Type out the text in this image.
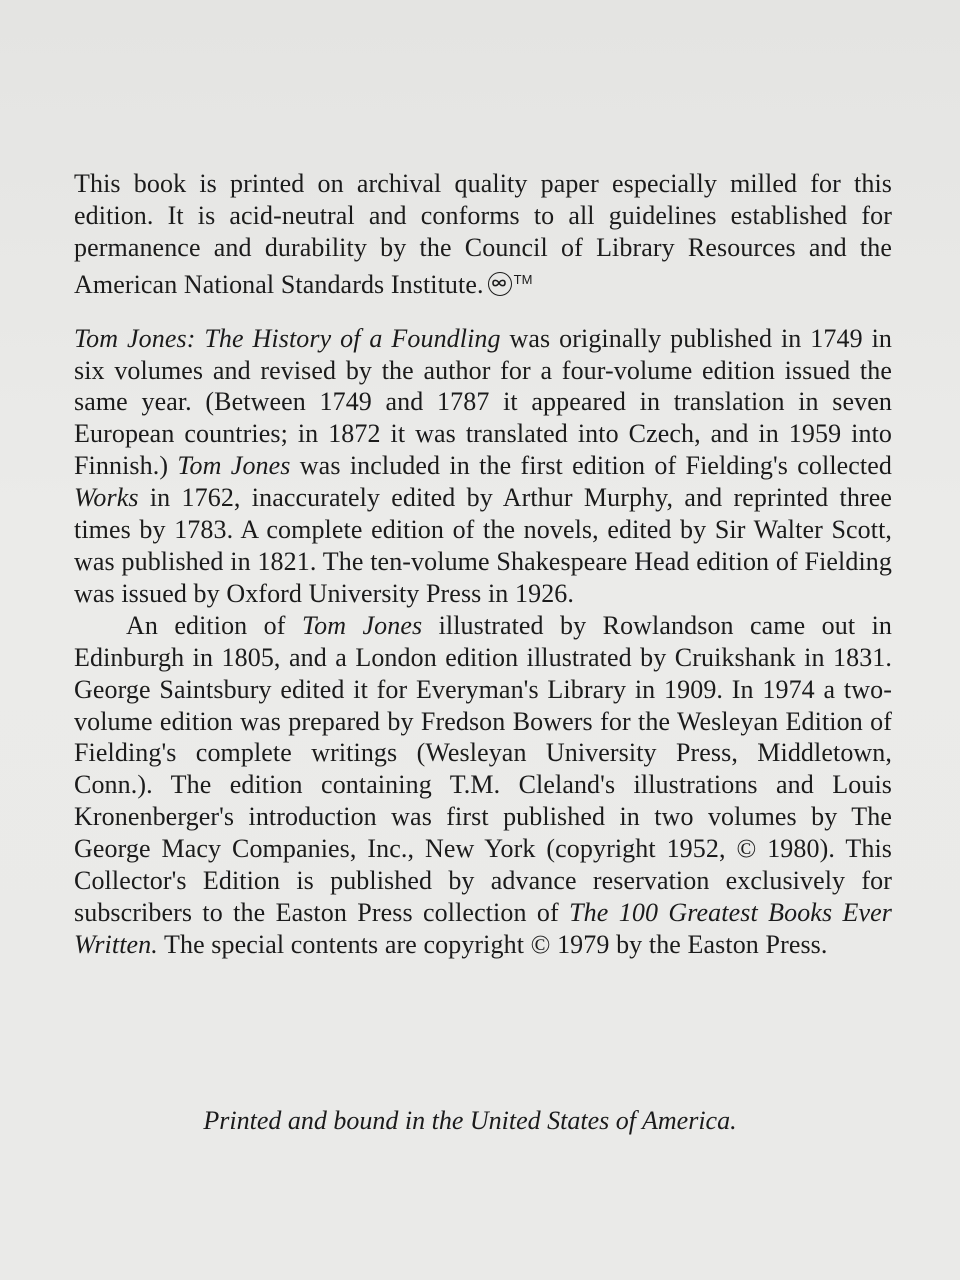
This book is printed on archival quality paper especially milled for this edition. It is acid-neutral and conforms to all guidelines established for permanence and durability by the Council of Library Resources and the American National Standards Institute. ™

Tom Jones: The History of a Foundling was originally published in 1749 in six volumes and revised by the author for a four-volume edition issued the same year. (Between 1749 and 1787 it appeared in translation in seven European countries; in 1872 it was translated into Czech, and in 1959 into Finnish.) Tom Jones was included in the first edition of Fielding's collected Works in 1762, inaccurately edited by Arthur Murphy, and reprinted three times by 1783. A complete edition of the novels, edited by Sir Walter Scott, was published in 1821. The ten-volume Shakespeare Head edition of Fielding was issued by Oxford University Press in 1926.

An edition of Tom Jones illustrated by Rowlandson came out in Edinburgh in 1805, and a London edition illustrated by Cruikshank in 1831. George Saintsbury edited it for Everyman's Library in 1909. In 1974 a two-volume edition was prepared by Fredson Bowers for the Wesleyan Edition of Fielding's complete writings (Wesleyan University Press, Middletown, Conn.). The edition containing T.M. Cleland's illustrations and Louis Kronenberger's introduction was first published in two volumes by The George Macy Companies, Inc., New York (copyright 1952, © 1980). This Collector's Edition is published by advance reservation exclusively for subscribers to the Easton Press collection of The 100 Greatest Books Ever Written. The special contents are copyright © 1979 by the Easton Press.

Printed and bound in the United States of America.
